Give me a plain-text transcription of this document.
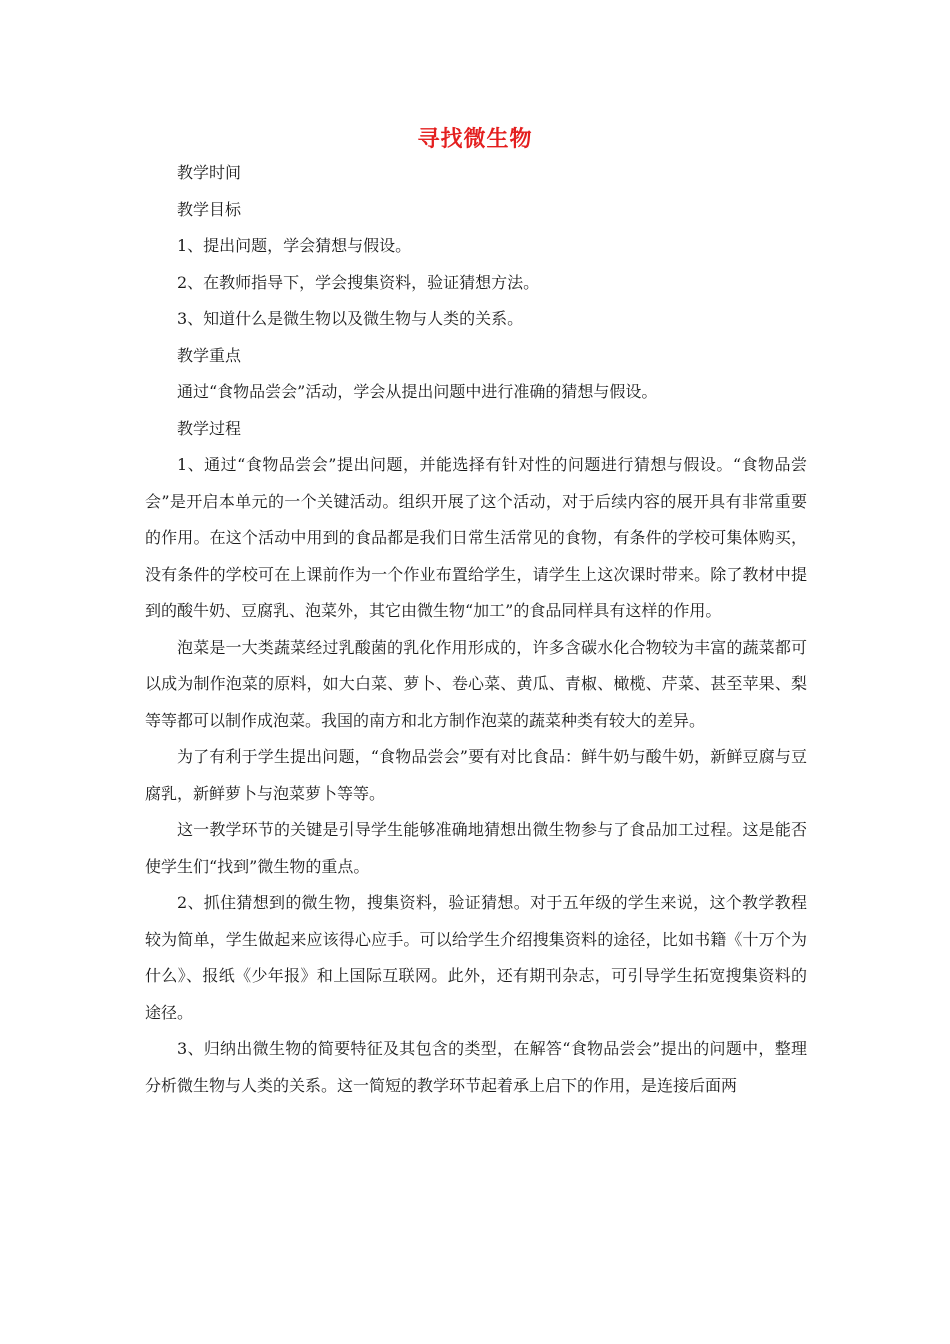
寻找微生物

教学时间

教学目标

1、提出问题，学会猜想与假设。

2、在教师指导下，学会搜集资料，验证猜想方法。

3、知道什么是微生物以及微生物与人类的关系。

教学重点

通过“食物品尝会”活动，学会从提出问题中进行准确的猜想与假设。

教学过程

1、通过“食物品尝会”提出问题，并能选择有针对性的问题进行猜想与假设。“食物品尝会”是开启本单元的一个关键活动。组织开展了这个活动，对于后续内容的展开具有非常重要的作用。在这个活动中用到的食品都是我们日常生活常见的食物，有条件的学校可集体购买，没有条件的学校可在上课前作为一个作业布置给学生，请学生上这次课时带来。除了教材中提到的酸牛奶、豆腐乳、泡菜外，其它由微生物“加工”的食品同样具有这样的作用。

泡菜是一大类蔬菜经过乳酸菌的乳化作用形成的，许多含碳水化合物较为丰富的蔬菜都可以成为制作泡菜的原料，如大白菜、萝卜、卷心菜、黄瓜、青椒、橄榄、芹菜、甚至苹果、梨等等都可以制作成泡菜。我国的南方和北方制作泡菜的蔬菜种类有较大的差异。

为了有利于学生提出问题，“食物品尝会”要有对比食品：鲜牛奶与酸牛奶，新鲜豆腐与豆腐乳，新鲜萝卜与泡菜萝卜等等。

这一教学环节的关键是引导学生能够准确地猜想出微生物参与了食品加工过程。这是能否使学生们“找到”微生物的重点。

2、抓住猜想到的微生物，搜集资料，验证猜想。对于五年级的学生来说，这个教学教程较为简单，学生做起来应该得心应手。可以给学生介绍搜集资料的途径，比如书籍《十万个为什么》、报纸《少年报》和上国际互联网。此外，还有期刊杂志，可引导学生拓宽搜集资料的途径。

3、归纳出微生物的简要特征及其包含的类型，在解答“食物品尝会”提出的问题中，整理分析微生物与人类的关系。这一简短的教学环节起着承上启下的作用，是连接后面两
